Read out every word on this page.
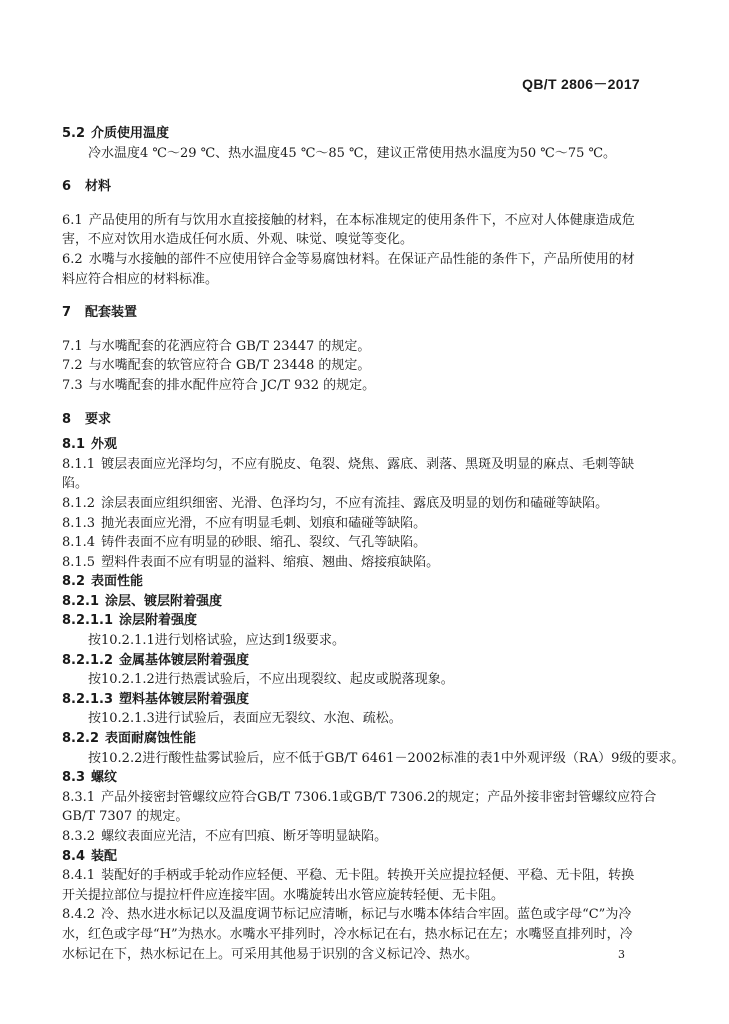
QB/T 2806－2017
5.2 介质使用温度
冷水温度4 ℃～29 ℃、热水温度45 ℃～85 ℃，建议正常使用热水温度为50 ℃～75 ℃。
6 材料
6.1 产品使用的所有与饮用水直接接触的材料，在本标准规定的使用条件下，不应对人体健康造成危
害，不应对饮用水造成任何水质、外观、味觉、嗅觉等变化。
6.2 水嘴与水接触的部件不应使用锌合金等易腐蚀材料。在保证产品性能的条件下，产品所使用的材
料应符合相应的材料标准。
7 配套装置
7.1 与水嘴配套的花洒应符合 GB/T 23447 的规定。
7.2 与水嘴配套的软管应符合 GB/T 23448 的规定。
7.3 与水嘴配套的排水配件应符合 JC/T 932 的规定。
8 要求
8.1 外观
8.1.1 镀层表面应光泽均匀，不应有脱皮、龟裂、烧焦、露底、剥落、黑斑及明显的麻点、毛刺等缺
陷。
8.1.2 涂层表面应组织细密、光滑、色泽均匀，不应有流挂、露底及明显的划伤和磕碰等缺陷。
8.1.3 抛光表面应光滑，不应有明显毛刺、划痕和磕碰等缺陷。
8.1.4 铸件表面不应有明显的砂眼、缩孔、裂纹、气孔等缺陷。
8.1.5 塑料件表面不应有明显的溢料、缩痕、翘曲、熔接痕缺陷。
8.2 表面性能
8.2.1 涂层、镀层附着强度
8.2.1.1 涂层附着强度
按10.2.1.1进行划格试验，应达到1级要求。
8.2.1.2 金属基体镀层附着强度
按10.2.1.2进行热震试验后，不应出现裂纹、起皮或脱落现象。
8.2.1.3 塑料基体镀层附着强度
按10.2.1.3进行试验后，表面应无裂纹、水泡、疏松。
8.2.2 表面耐腐蚀性能
按10.2.2进行酸性盐雾试验后，应不低于GB/T 6461－2002标准的表1中外观评级（RA）9级的要求。
8.3 螺纹
8.3.1 产品外接密封管螺纹应符合GB/T 7306.1或GB/T 7306.2的规定；产品外接非密封管螺纹应符合
GB/T 7307 的规定。
8.3.2 螺纹表面应光洁，不应有凹痕、断牙等明显缺陷。
8.4 装配
8.4.1 装配好的手柄或手轮动作应轻便、平稳、无卡阻。转换开关应提拉轻便、平稳、无卡阻，转换
开关提拉部位与提拉杆件应连接牢固。水嘴旋转出水管应旋转轻便、无卡阻。
8.4.2 冷、热水进水标记以及温度调节标记应清晰，标记与水嘴本体结合牢固。蓝色或字母“C”为冷
水，红色或字母“H”为热水。水嘴水平排列时，冷水标记在右，热水标记在左；水嘴竖直排列时，冷
水标记在下，热水标记在上。可采用其他易于识别的含义标记冷、热水。	3
